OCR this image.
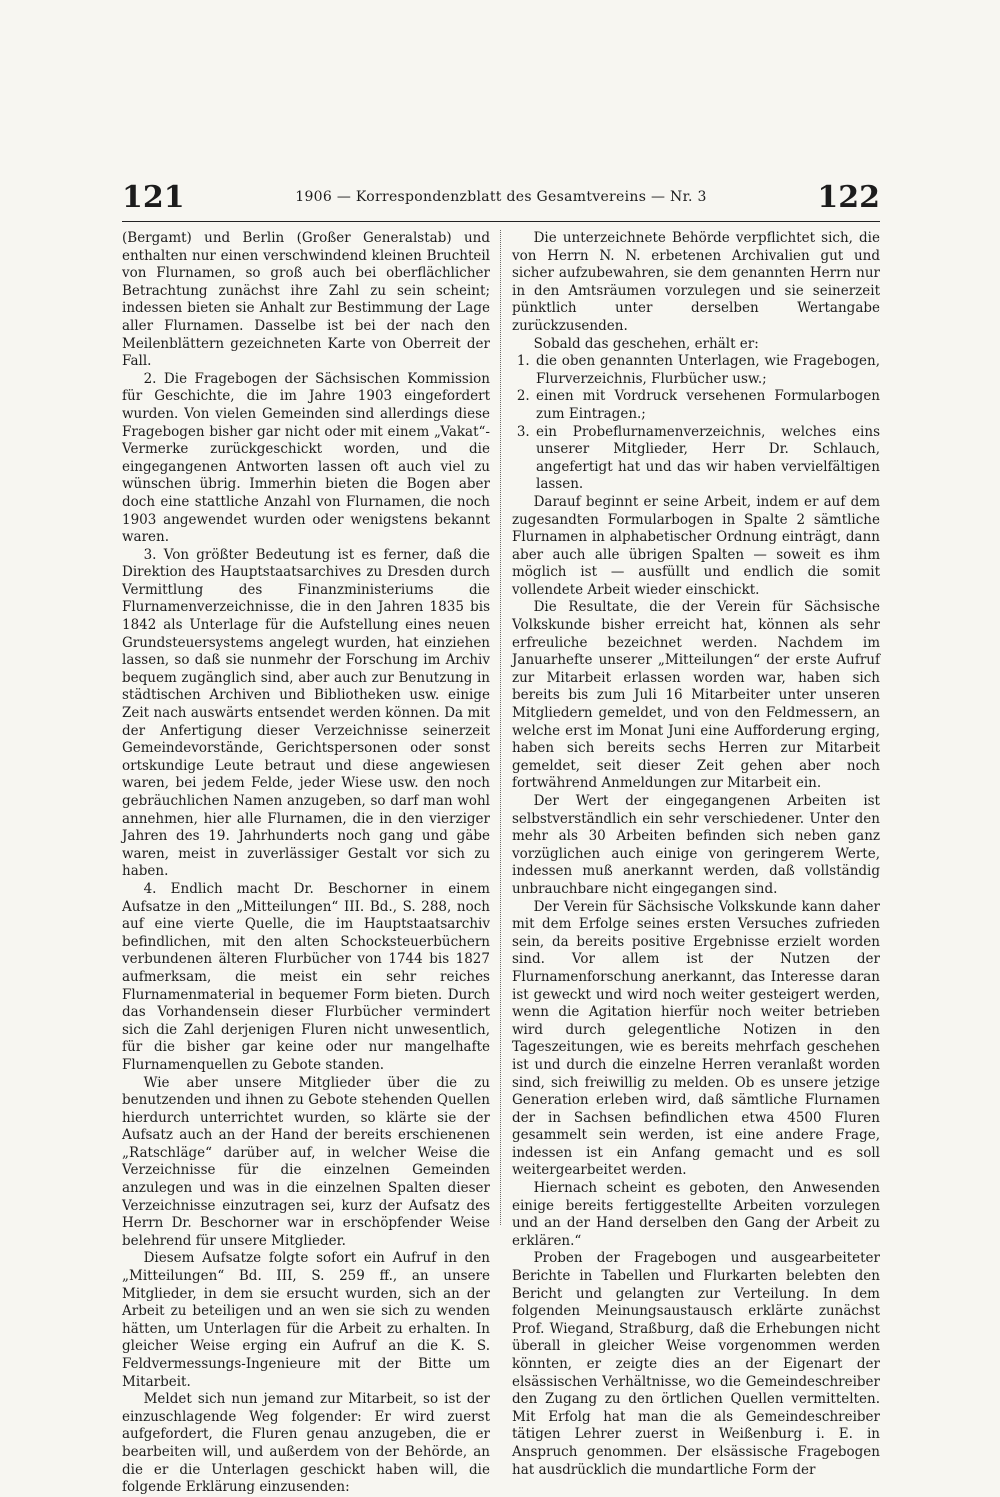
121	1906 — Korrespondenzblatt des Gesamtvereins — Nr. 3	122

(Bergamt) und Berlin (Großer Generalstab) und enthalten nur einen verschwindend kleinen Bruchteil von Flurnamen, so groß auch bei oberflächlicher Betrachtung zunächst ihre Zahl zu sein scheint; indessen bieten sie Anhalt zur Bestimmung der Lage aller Flurnamen. Dasselbe ist bei der nach den Meilenblättern gezeichneten Karte von Oberreit der Fall.

2. Die Fragebogen der Sächsischen Kommission für Geschichte, die im Jahre 1903 eingefordert wurden. Von vielen Gemeinden sind allerdings diese Fragebogen bisher gar nicht oder mit einem „Vakat“-Vermerke zurückgeschickt worden, und die eingegangenen Antworten lassen oft auch viel zu wünschen übrig. Immerhin bieten die Bogen aber doch eine stattliche Anzahl von Flurnamen, die noch 1903 angewendet wurden oder wenigstens bekannt waren.

3. Von größter Bedeutung ist es ferner, daß die Direktion des Hauptstaatsarchives zu Dresden durch Vermittlung des Finanzministeriums die Flurnamenverzeichnisse, die in den Jahren 1835 bis 1842 als Unterlage für die Aufstellung eines neuen Grundsteuersystems angelegt wurden, hat einziehen lassen, so daß sie nunmehr der Forschung im Archiv bequem zugänglich sind, aber auch zur Benutzung in städtischen Archiven und Bibliotheken usw. einige Zeit nach auswärts entsendet werden können. Da mit der Anfertigung dieser Verzeichnisse seinerzeit Gemeindevorstände, Gerichtspersonen oder sonst ortskundige Leute betraut und diese angewiesen waren, bei jedem Felde, jeder Wiese usw. den noch gebräuchlichen Namen anzugeben, so darf man wohl annehmen, hier alle Flurnamen, die in den vierziger Jahren des 19. Jahrhunderts noch gang und gäbe waren, meist in zuverlässiger Gestalt vor sich zu haben.

4. Endlich macht Dr. Beschorner in einem Aufsatze in den „Mitteilungen“ III. Bd., S. 288, noch auf eine vierte Quelle, die im Hauptstaatsarchiv befindlichen, mit den alten Schocksteuerbüchern verbundenen älteren Flurbücher von 1744 bis 1827 aufmerksam, die meist ein sehr reiches Flurnamenmaterial in bequemer Form bieten. Durch das Vorhandensein dieser Flurbücher vermindert sich die Zahl derjenigen Fluren nicht unwesentlich, für die bisher gar keine oder nur mangelhafte Flurnamenquellen zu Gebote standen.

Wie aber unsere Mitglieder über die zu benutzenden und ihnen zu Gebote stehenden Quellen hierdurch unterrichtet wurden, so klärte sie der Aufsatz auch an der Hand der bereits erschienenen „Ratschläge“ darüber auf, in welcher Weise die Verzeichnisse für die einzelnen Gemeinden anzulegen und was in die einzelnen Spalten dieser Verzeichnisse einzutragen sei, kurz der Aufsatz des Herrn Dr. Beschorner war in erschöpfender Weise belehrend für unsere Mitglieder.

Diesem Aufsatze folgte sofort ein Aufruf in den „Mitteilungen“ Bd. III, S. 259 ff., an unsere Mitglieder, in dem sie ersucht wurden, sich an der Arbeit zu beteiligen und an wen sie sich zu wenden hätten, um Unterlagen für die Arbeit zu erhalten. In gleicher Weise erging ein Aufruf an die K. S. Feldvermessungs-Ingenieure mit der Bitte um Mitarbeit.

Meldet sich nun jemand zur Mitarbeit, so ist der einzuschlagende Weg folgender: Er wird zuerst aufgefordert, die Fluren genau anzugeben, die er bearbeiten will, und außerdem von der Behörde, an die er die Unterlagen geschickt haben will, die folgende Erklärung einzusenden:

Die unterzeichnete Behörde verpflichtet sich, die von Herrn N. N. erbetenen Archivalien gut und sicher aufzubewahren, sie dem genannten Herrn nur in den Amtsräumen vorzulegen und sie seinerzeit pünktlich unter derselben Wertangabe zurückzusenden.

Sobald das geschehen, erhält er:

1. die oben genannten Unterlagen, wie Fragebogen, Flurverzeichnis, Flurbücher usw.;
2. einen mit Vordruck versehenen Formularbogen zum Eintragen.;
3. ein Probeflurnamenverzeichnis, welches eins unserer Mitglieder, Herr Dr. Schlauch, angefertigt hat und das wir haben vervielfältigen lassen.

Darauf beginnt er seine Arbeit, indem er auf dem zugesandten Formularbogen in Spalte 2 sämtliche Flurnamen in alphabetischer Ordnung einträgt, dann aber auch alle übrigen Spalten — soweit es ihm möglich ist — ausfüllt und endlich die somit vollendete Arbeit wieder einschickt.

Die Resultate, die der Verein für Sächsische Volkskunde bisher erreicht hat, können als sehr erfreuliche bezeichnet werden. Nachdem im Januarhefte unserer „Mitteilungen“ der erste Aufruf zur Mitarbeit erlassen worden war, haben sich bereits bis zum Juli 16 Mitarbeiter unter unseren Mitgliedern gemeldet, und von den Feldmessern, an welche erst im Monat Juni eine Aufforderung erging, haben sich bereits sechs Herren zur Mitarbeit gemeldet, seit dieser Zeit gehen aber noch fortwährend Anmeldungen zur Mitarbeit ein.

Der Wert der eingegangenen Arbeiten ist selbstverständlich ein sehr verschiedener. Unter den mehr als 30 Arbeiten befinden sich neben ganz vorzüglichen auch einige von geringerem Werte, indessen muß anerkannt werden, daß vollständig unbrauchbare nicht eingegangen sind.

Der Verein für Sächsische Volkskunde kann daher mit dem Erfolge seines ersten Versuches zufrieden sein, da bereits positive Ergebnisse erzielt worden sind. Vor allem ist der Nutzen der Flurnamenforschung anerkannt, das Interesse daran ist geweckt und wird noch weiter gesteigert werden, wenn die Agitation hierfür noch weiter betrieben wird durch gelegentliche Notizen in den Tageszeitungen, wie es bereits mehrfach geschehen ist und durch die einzelne Herren veranlaßt worden sind, sich freiwillig zu melden. Ob es unsere jetzige Generation erleben wird, daß sämtliche Flurnamen der in Sachsen befindlichen etwa 4500 Fluren gesammelt sein werden, ist eine andere Frage, indessen ist ein Anfang gemacht und es soll weitergearbeitet werden.

Hiernach scheint es geboten, den Anwesenden einige bereits fertiggestellte Arbeiten vorzulegen und an der Hand derselben den Gang der Arbeit zu erklären.“

Proben der Fragebogen und ausgearbeiteter Berichte in Tabellen und Flurkarten belebten den Bericht und gelangten zur Verteilung. In dem folgenden Meinungsaustausch erklärte zunächst Prof. Wiegand, Straßburg, daß die Erhebungen nicht überall in gleicher Weise vorgenommen werden könnten, er zeigte dies an der Eigenart der elsässischen Verhältnisse, wo die Gemeindeschreiber den Zugang zu den örtlichen Quellen vermittelten. Mit Erfolg hat man die als Gemeindeschreiber tätigen Lehrer zuerst in Weißenburg i. E. in Anspruch genommen. Der elsässische Fragebogen hat ausdrücklich die mundartliche Form der
